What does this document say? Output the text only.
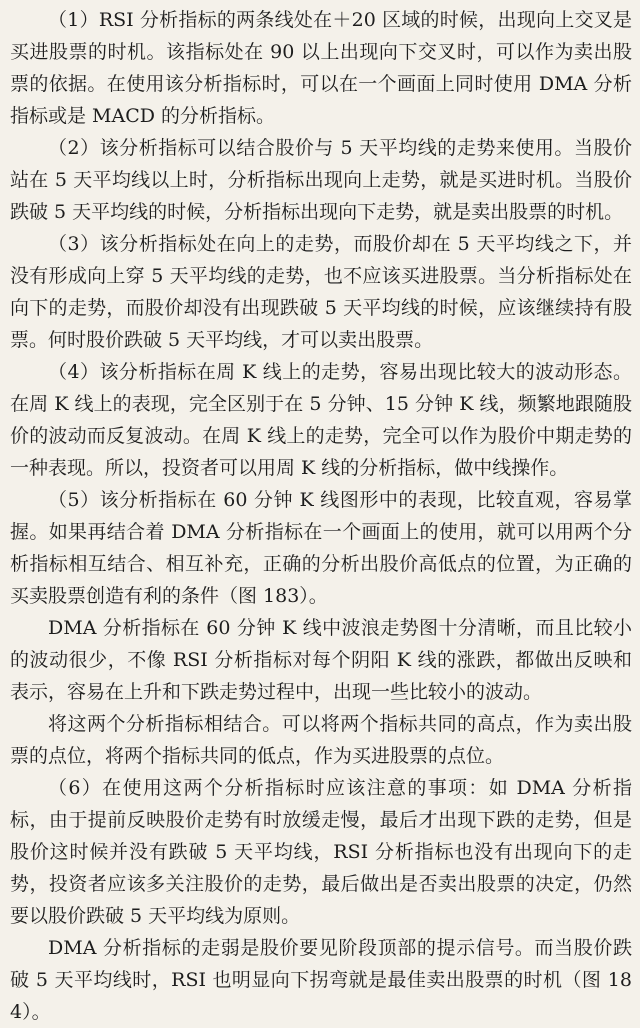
（1）RSI 分析指标的两条线处在＋20 区域的时候，出现向上交叉是买进股票的时机。该指标处在 90 以上出现向下交叉时，可以作为卖出股票的依据。在使用该分析指标时，可以在一个画面上同时使用 DMA 分析指标或是 MACD 的分析指标。

（2）该分析指标可以结合股价与 5 天平均线的走势来使用。当股价站在 5 天平均线以上时，分析指标出现向上走势，就是买进时机。当股价跌破 5 天平均线的时候，分析指标出现向下走势，就是卖出股票的时机。

（3）该分析指标处在向上的走势，而股价却在 5 天平均线之下，并没有形成向上穿 5 天平均线的走势，也不应该买进股票。当分析指标处在向下的走势，而股价却没有出现跌破 5 天平均线的时候，应该继续持有股票。何时股价跌破 5 天平均线，才可以卖出股票。

（4）该分析指标在周 K 线上的走势，容易出现比较大的波动形态。在周 K 线上的表现，完全区别于在 5 分钟、15 分钟 K 线，频繁地跟随股价的波动而反复波动。在周 K 线上的走势，完全可以作为股价中期走势的一种表现。所以，投资者可以用周 K 线的分析指标，做中线操作。

（5）该分析指标在 60 分钟 K 线图形中的表现，比较直观，容易掌握。如果再结合着 DMA 分析指标在一个画面上的使用，就可以用两个分析指标相互结合、相互补充，正确的分析出股价高低点的位置，为正确的买卖股票创造有利的条件（图 183）。

DMA 分析指标在 60 分钟 K 线中波浪走势图十分清晰，而且比较小的波动很少，不像 RSI 分析指标对每个阴阳 K 线的涨跌，都做出反映和表示，容易在上升和下跌走势过程中，出现一些比较小的波动。

将这两个分析指标相结合。可以将两个指标共同的高点，作为卖出股票的点位，将两个指标共同的低点，作为买进股票的点位。

（6）在使用这两个分析指标时应该注意的事项：如 DMA 分析指标，由于提前反映股价走势有时放缓走慢，最后才出现下跌的走势，但是股价这时候并没有跌破 5 天平均线，RSI 分析指标也没有出现向下的走势，投资者应该多关注股价的走势，最后做出是否卖出股票的决定，仍然要以股价跌破 5 天平均线为原则。

DMA 分析指标的走弱是股价要见阶段顶部的提示信号。而当股价跌破 5 天平均线时，RSI 也明显向下拐弯就是最佳卖出股票的时机（图 184）。
